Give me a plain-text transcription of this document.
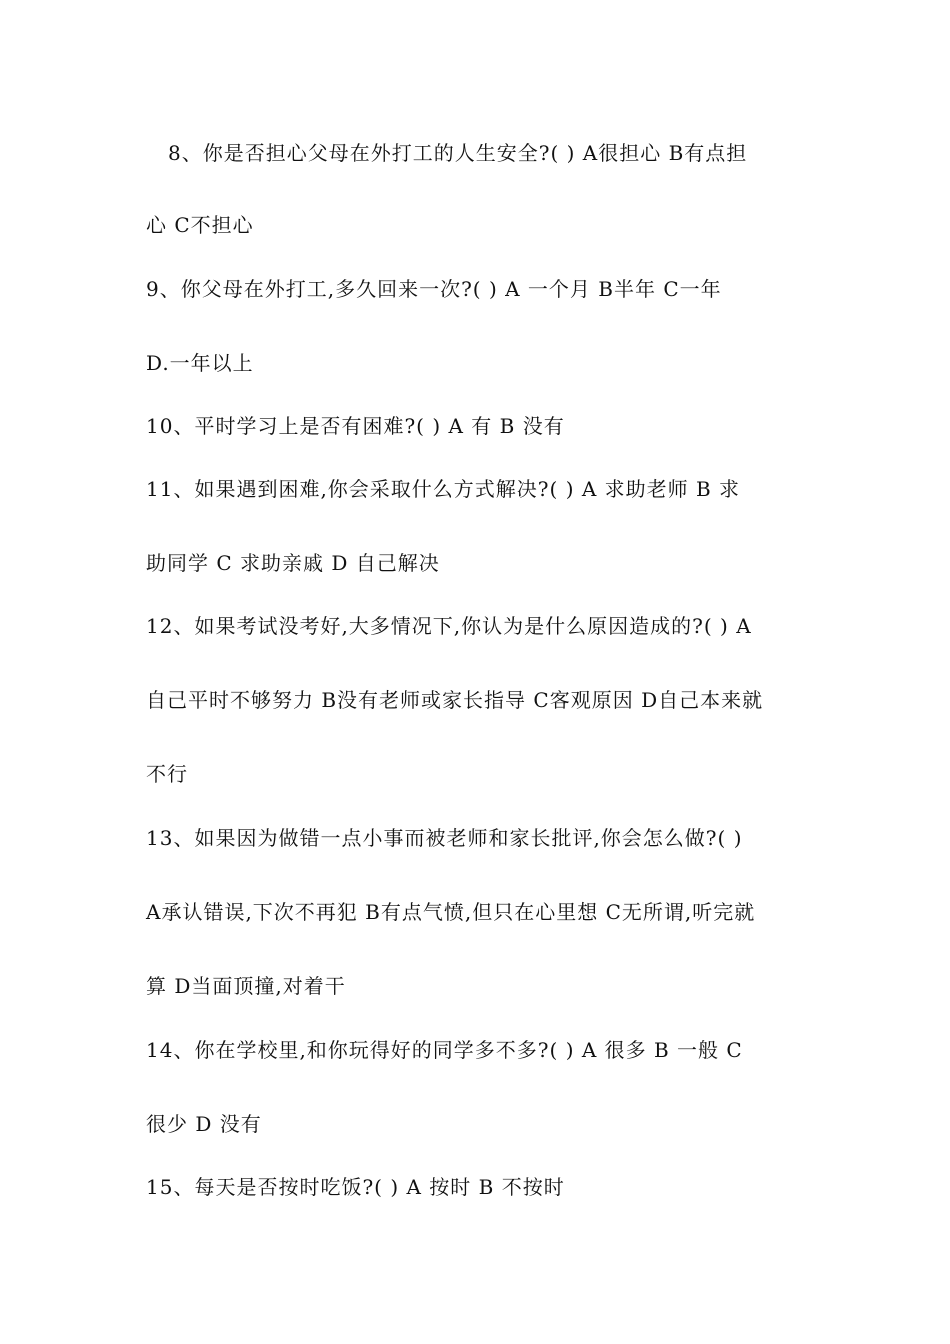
8、你是否担心父母在外打工的人生安全?( ) A很担心 B有点担
心 C不担心
9、你父母在外打工,多久回来一次?( ) A 一个月 B半年 C一年
D.一年以上
10、平时学习上是否有困难?( ) A 有 B 没有
11、如果遇到困难,你会采取什么方式解决?( ) A 求助老师 B 求
助同学 C 求助亲戚 D 自己解决
12、如果考试没考好,大多情况下,你认为是什么原因造成的?( ) A
自己平时不够努力 B没有老师或家长指导 C客观原因 D自己本来就
不行
13、如果因为做错一点小事而被老师和家长批评,你会怎么做?( )
A承认错误,下次不再犯 B有点气愤,但只在心里想 C无所谓,听完就
算 D当面顶撞,对着干
14、你在学校里,和你玩得好的同学多不多?( ) A 很多 B 一般 C
很少 D 没有
15、每天是否按时吃饭?( ) A 按时 B 不按时
